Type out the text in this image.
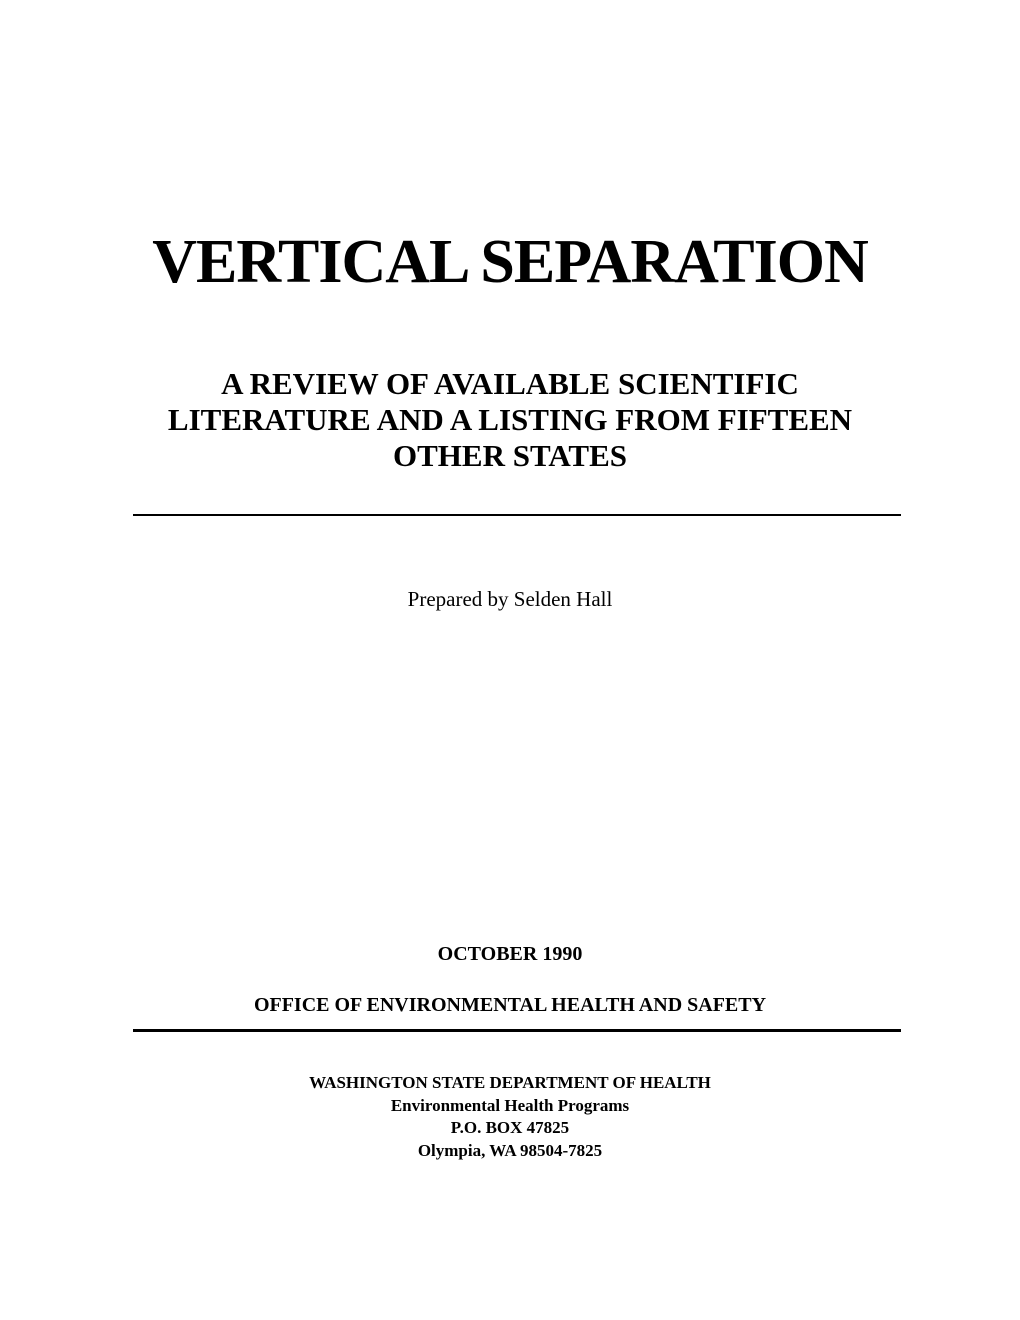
VERTICAL SEPARATION
A REVIEW OF AVAILABLE SCIENTIFIC
LITERATURE AND A LISTING FROM FIFTEEN
OTHER STATES

Prepared by Selden Hall

OCTOBER 1990

OFFICE OF ENVIRONMENTAL HEALTH AND SAFETY

WASHINGTON STATE DEPARTMENT OF HEALTH
Environmental Health Programs
P.O. BOX 47825
Olympia, WA 98504-7825
